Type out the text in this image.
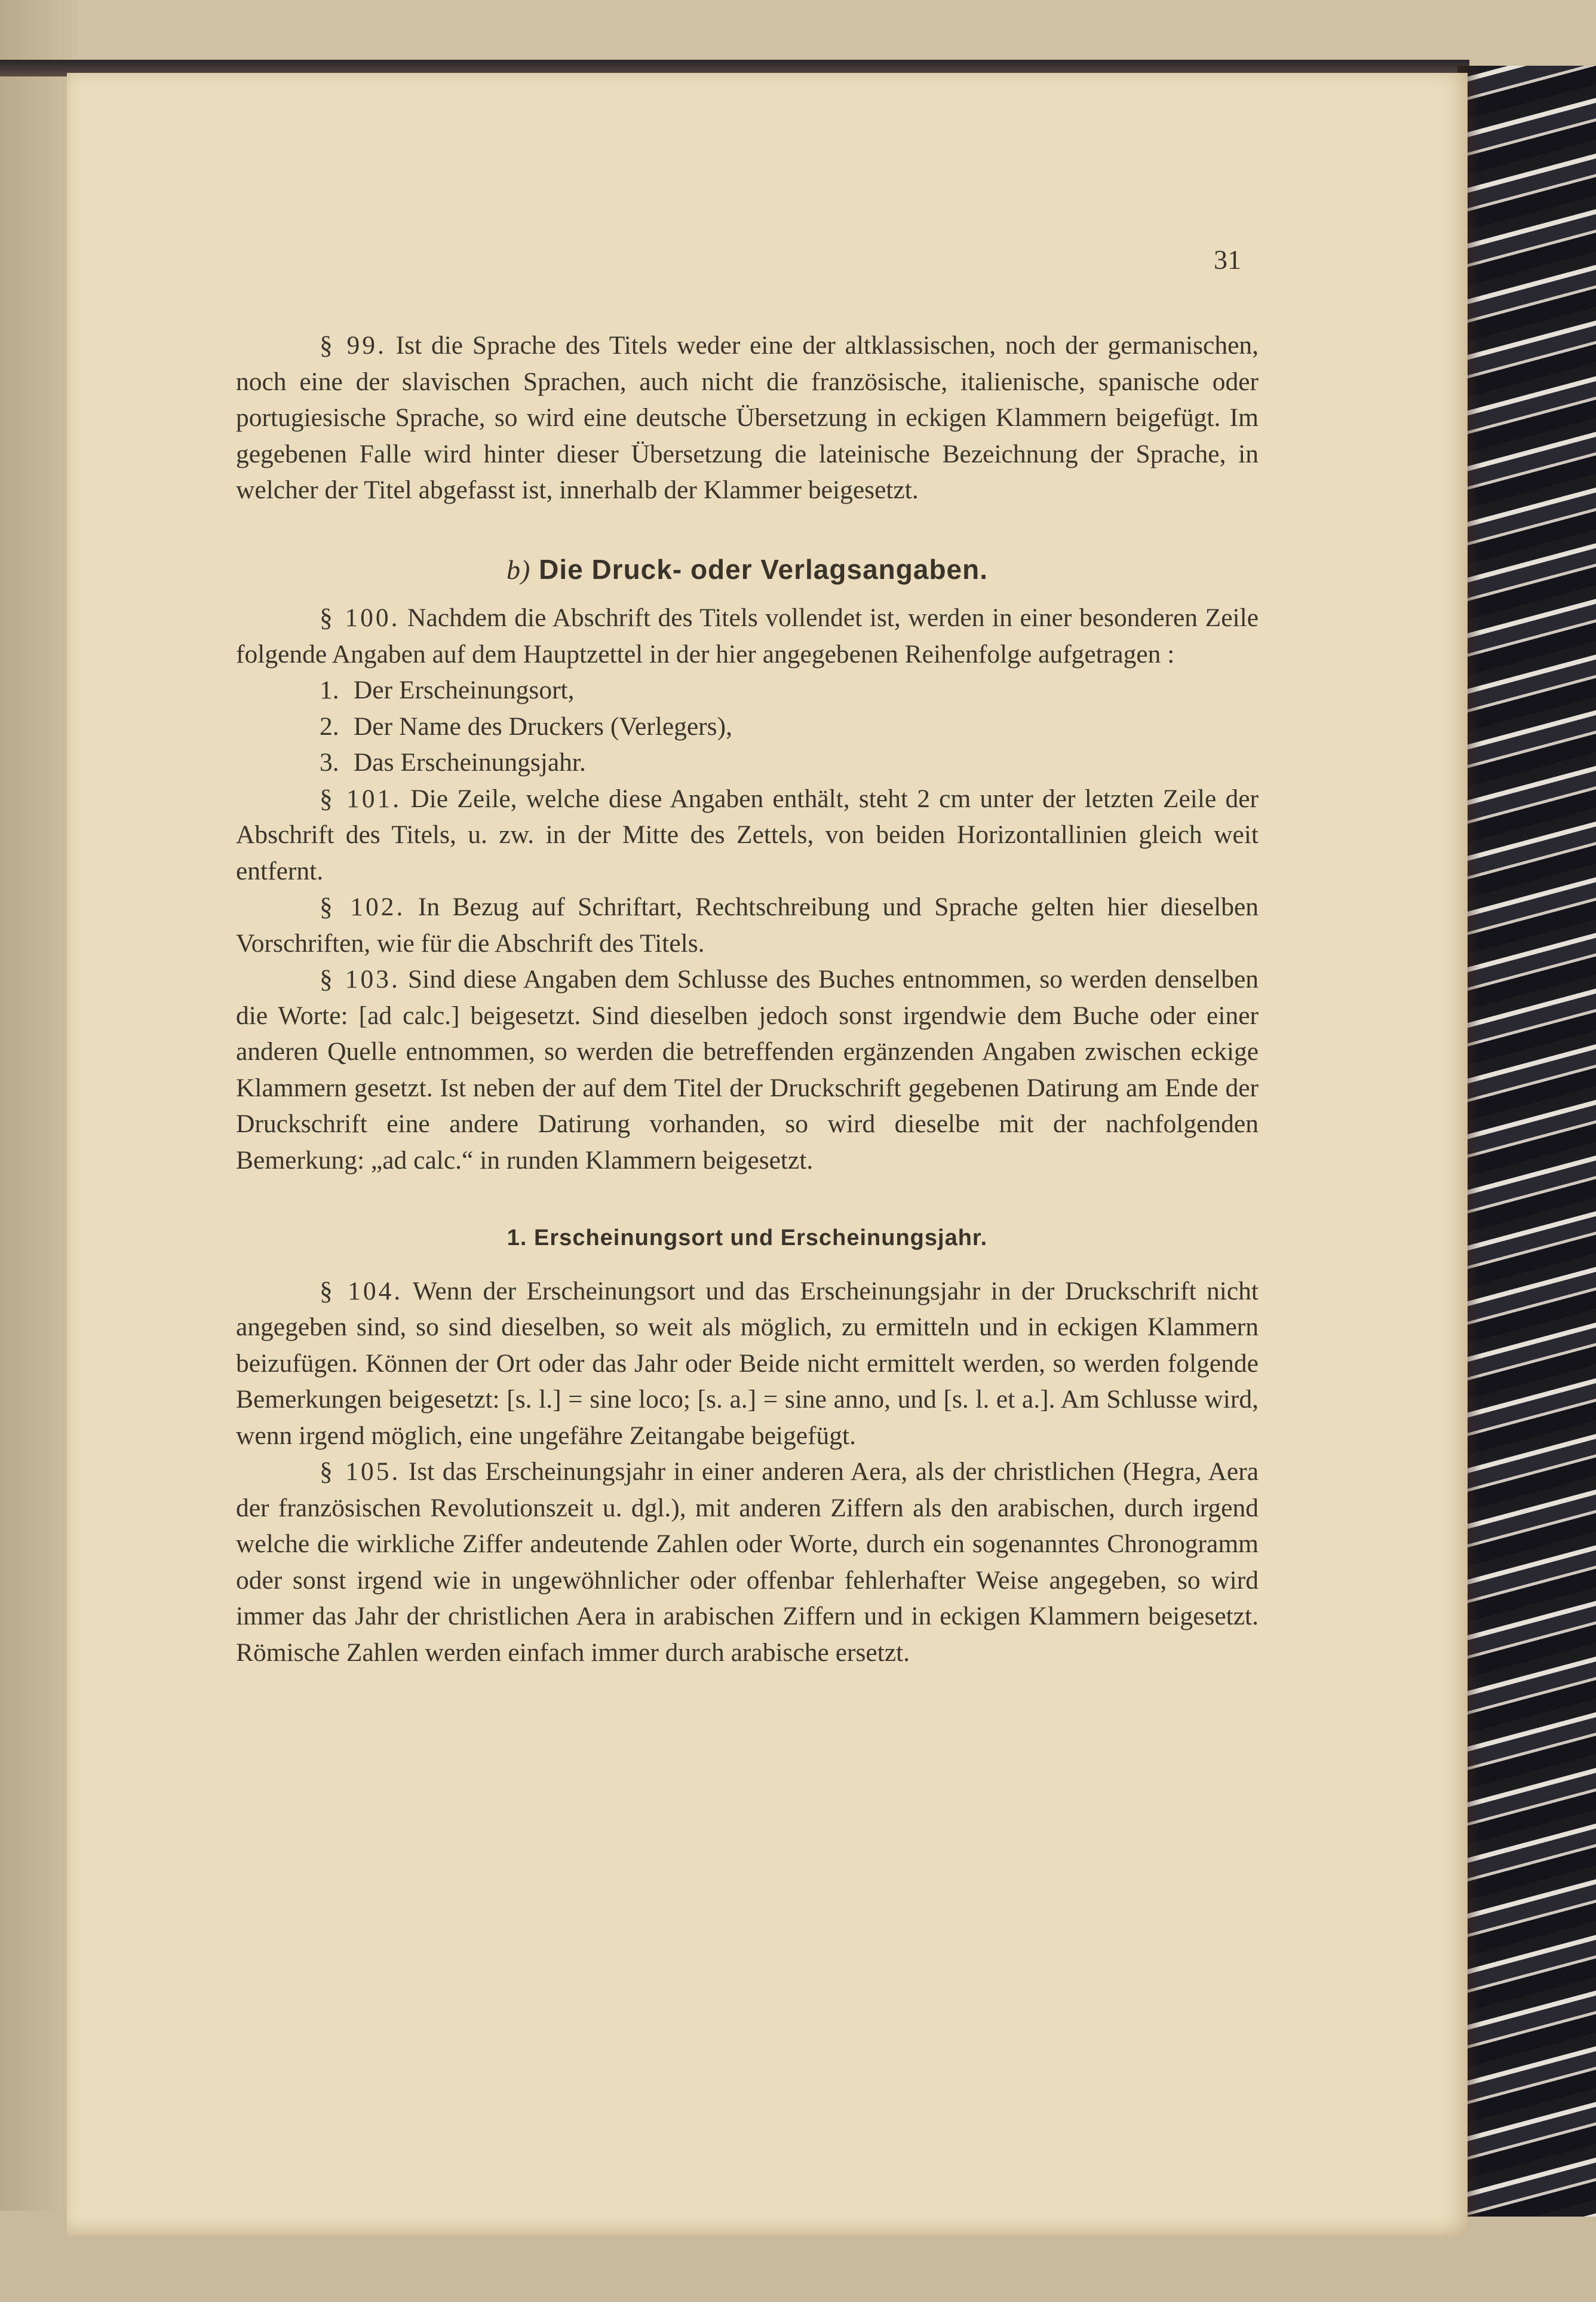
31

§ 99. Ist die Sprache des Titels weder eine der altklassischen, noch der germanischen, noch eine der slavischen Sprachen, auch nicht die französische, italienische, spanische oder portugiesische Sprache, so wird eine deutsche Übersetzung in eckigen Klammern beigefügt. Im gegebenen Falle wird hinter dieser Übersetzung die lateinische Bezeichnung der Sprache, in welcher der Titel abgefasst ist, innerhalb der Klammer beigesetzt.

b) Die Druck- oder Verlagsangaben.

§ 100. Nachdem die Abschrift des Titels vollendet ist, werden in einer besonderen Zeile folgende Angaben auf dem Hauptzettel in der hier angegebenen Reihenfolge aufgetragen :

1. Der Erscheinungsort,
2. Der Name des Druckers (Verlegers),
3. Das Erscheinungsjahr.

§ 101. Die Zeile, welche diese Angaben enthält, steht 2 cm unter der letzten Zeile der Abschrift des Titels, u. zw. in der Mitte des Zettels, von beiden Horizontallinien gleich weit entfernt.

§ 102. In Bezug auf Schriftart, Rechtschreibung und Sprache gelten hier dieselben Vorschriften, wie für die Abschrift des Titels.

§ 103. Sind diese Angaben dem Schlusse des Buches entnommen, so werden denselben die Worte: [ad calc.] beigesetzt. Sind dieselben jedoch sonst irgendwie dem Buche oder einer anderen Quelle entnommen, so werden die betreffenden ergänzenden Angaben zwischen eckige Klammern gesetzt. Ist neben der auf dem Titel der Druckschrift gegebenen Datirung am Ende der Druckschrift eine andere Datirung vorhanden, so wird dieselbe mit der nachfolgenden Bemerkung: „ad calc.“ in runden Klammern beigesetzt.

1. Erscheinungsort und Erscheinungsjahr.

§ 104. Wenn der Erscheinungsort und das Erscheinungsjahr in der Druckschrift nicht angegeben sind, so sind dieselben, so weit als möglich, zu ermitteln und in eckigen Klammern beizufügen. Können der Ort oder das Jahr oder Beide nicht ermittelt werden, so werden folgende Bemerkungen beigesetzt: [s. l.] = sine loco; [s. a.] = sine anno, und [s. l. et a.]. Am Schlusse wird, wenn irgend möglich, eine ungefähre Zeitangabe beigefügt.

§ 105. Ist das Erscheinungsjahr in einer anderen Aera, als der christlichen (Hegra, Aera der französischen Revolutionszeit u. dgl.), mit anderen Ziffern als den arabischen, durch irgend welche die wirkliche Ziffer andeutende Zahlen oder Worte, durch ein sogenanntes Chronogramm oder sonst irgend wie in ungewöhnlicher oder offenbar fehlerhafter Weise angegeben, so wird immer das Jahr der christlichen Aera in arabischen Ziffern und in eckigen Klammern beigesetzt. Römische Zahlen werden einfach immer durch arabische ersetzt.
